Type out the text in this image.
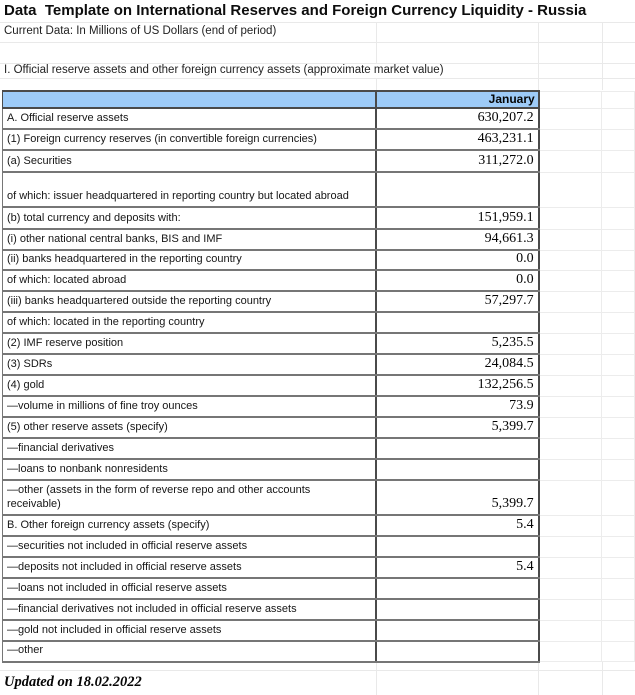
Data  Template on International Reserves and Foreign Currency Liquidity - Russia
Current Data: In Millions of US Dollars (end of period)
I. Official reserve assets and other foreign currency assets (approximate market value)
	January		
A. Official reserve assets	630,207.2		
(1) Foreign currency reserves (in convertible foreign currencies)	463,231.1		
(a) Securities	311,272.0		

of which: issuer headquartered in reporting country but located abroad			

(b) total currency and deposits with:	151,959.1		
(i) other national central banks, BIS and IMF	94,661.3		
(ii) banks headquartered in the reporting country	0.0		
of which: located abroad	0.0		
(iii) banks headquartered outside the reporting country	57,297.7		
of which: located in the reporting country			
(2) IMF reserve position	5,235.5		
(3) SDRs	24,084.5		
(4) gold	132,256.5		
—volume in millions of fine troy ounces	73.9		
(5) other reserve assets (specify)	5,399.7		
—financial derivatives			
—loans to nonbank nonresidents			

—other (assets in the form of reverse repo and other accounts receivable)	5,399.7		
B. Other foreign currency assets (specify)	5.4		
—securities not included in official reserve assets			
—deposits not included in official reserve assets	5.4		
—loans not included in official reserve assets			
—financial derivatives not included in official reserve assets			
—gold not included in official reserve assets			
—other			
Updated on 18.02.2022
